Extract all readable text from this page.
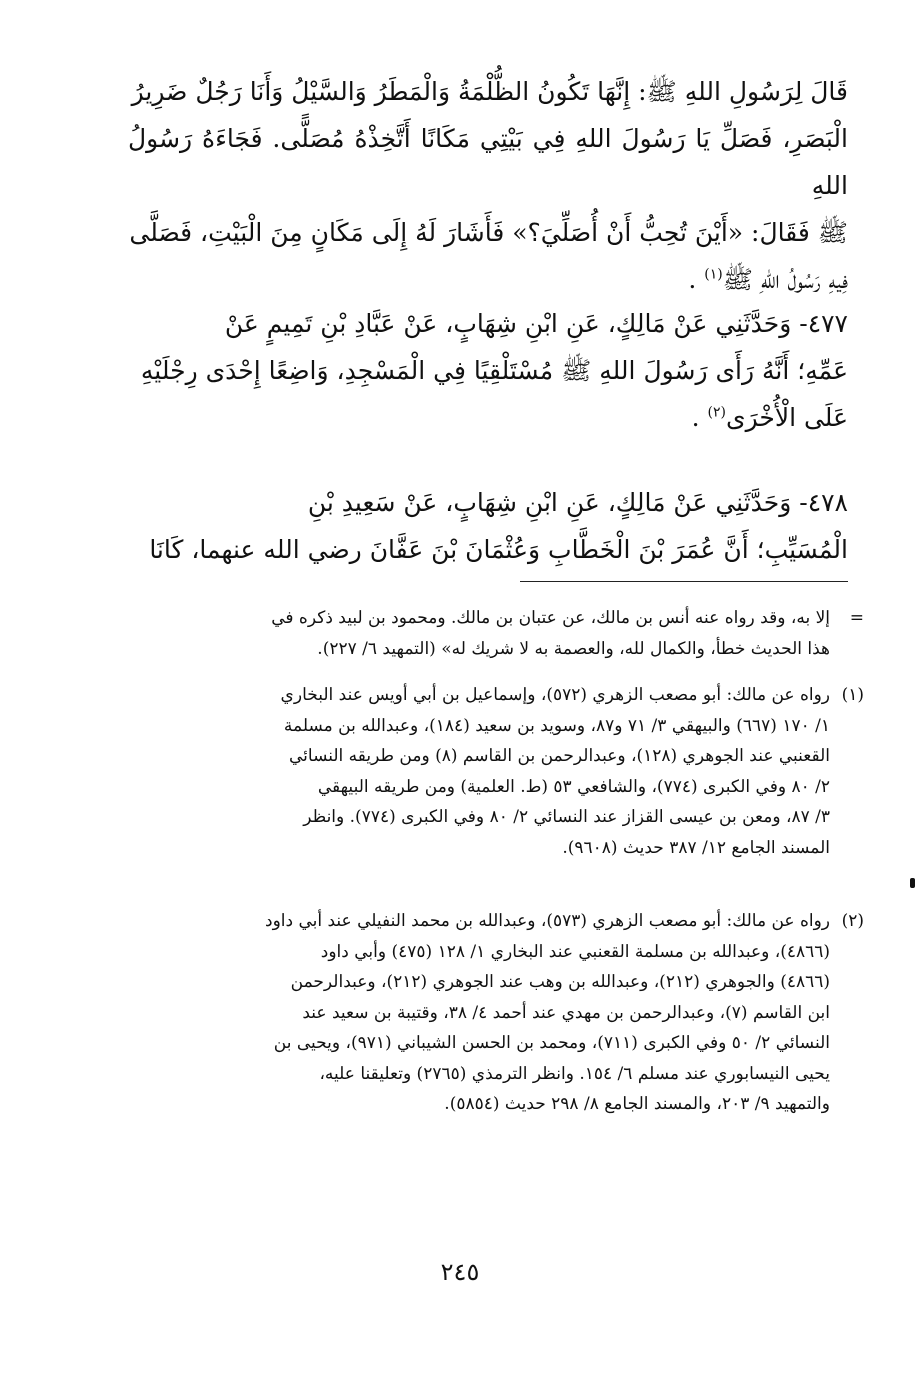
قَالَ لِرَسُولِ اللهِ ﷺ: إِنَّهَا تَكُونُ الظُّلْمَةُ وَالْمَطَرُ وَالسَّيْلُ وَأَنَا رَجُلٌ ضَرِيرُ

الْبَصَرِ، فَصَلِّ يَا رَسُولَ اللهِ فِي بَيْتِي مَكَانًا أَتَّخِذْهُ مُصَلًّى. فَجَاءَهُ رَسُولُ اللهِ

ﷺ فَقَالَ: «أَيْنَ تُحِبُّ أَنْ أُصَلِّيَ؟» فَأَشَارَ لَهُ إِلَى مَكَانٍ مِنَ الْبَيْتِ، فَصَلَّى

فِيهِ رَسُولُ اللهِ ﷺ$^{(١)}$ .

٤٧٧- وَحَدَّثَنِي عَنْ مَالِكٍ، عَنِ ابْنِ شِهَابٍ، عَنْ عَبَّادِ بْنِ تَمِيمٍ عَنْ

عَمِّهِ؛ أَنَّهُ رَأَى رَسُولَ اللهِ ﷺ مُسْتَلْقِيًا فِي الْمَسْجِدِ، وَاضِعًا إِحْدَى رِجْلَيْهِ

عَلَى الْأُخْرَى$^{(٢)}$ .

٤٧٨- وَحَدَّثَنِي عَنْ مَالِكٍ، عَنِ ابْنِ شِهَابٍ، عَنْ سَعِيدِ بْنِ

الْمُسَيِّبِ؛ أَنَّ عُمَرَ بْنَ الْخَطَّابِ وَعُثْمَانَ بْنَ عَفَّانَ رضي الله عنهما، كَانَا

=

إلا به، وقد رواه عنه أنس بن مالك، عن عتبان بن مالك. ومحمود بن لبيد ذكره في

هذا الحديث خطأ، والكمال لله، والعصمة به لا شريك له» (التمهيد ٦/ ٢٢٧).

(١)

رواه عن مالك: أبو مصعب الزهري (٥٧٢)، وإسماعيل بن أبي أويس عند البخاري

١/ ١٧٠ (٦٦٧) والبيهقي ٣/ ٧١ و٨٧، وسويد بن سعيد (١٨٤)، وعبدالله بن مسلمة

القعنبي عند الجوهري (١٢٨)، وعبدالرحمن بن القاسم (٨) ومن طريقه النسائي

٢/ ٨٠ وفي الكبرى (٧٧٤)، والشافعي ٥٣ (ط. العلمية) ومن طريقه البيهقي

٣/ ٨٧، ومعن بن عيسى القزاز عند النسائي ٢/ ٨٠ وفي الكبرى (٧٧٤). وانظر

المسند الجامع ١٢/ ٣٨٧ حديث (٩٦٠٨).

(٢)

رواه عن مالك: أبو مصعب الزهري (٥٧٣)، وعبدالله بن محمد النفيلي عند أبي داود

(٤٨٦٦)، وعبدالله بن مسلمة القعنبي عند البخاري ١/ ١٢٨ (٤٧٥) وأبي داود

(٤٨٦٦) والجوهري (٢١٢)، وعبدالله بن وهب عند الجوهري (٢١٢)، وعبدالرحمن

ابن القاسم (٧)، وعبدالرحمن بن مهدي عند أحمد ٤/ ٣٨، وقتيبة بن سعيد عند

النسائي ٢/ ٥٠ وفي الكبرى (٧١١)، ومحمد بن الحسن الشيباني (٩٧١)، ويحيى بن

يحيى النيسابوري عند مسلم ٦/ ١٥٤. وانظر الترمذي (٢٧٦٥) وتعليقنا عليه،

والتمهيد ٩/ ٢٠٣، والمسند الجامع ٨/ ٢٩٨ حديث (٥٨٥٤).

٢٤٥
